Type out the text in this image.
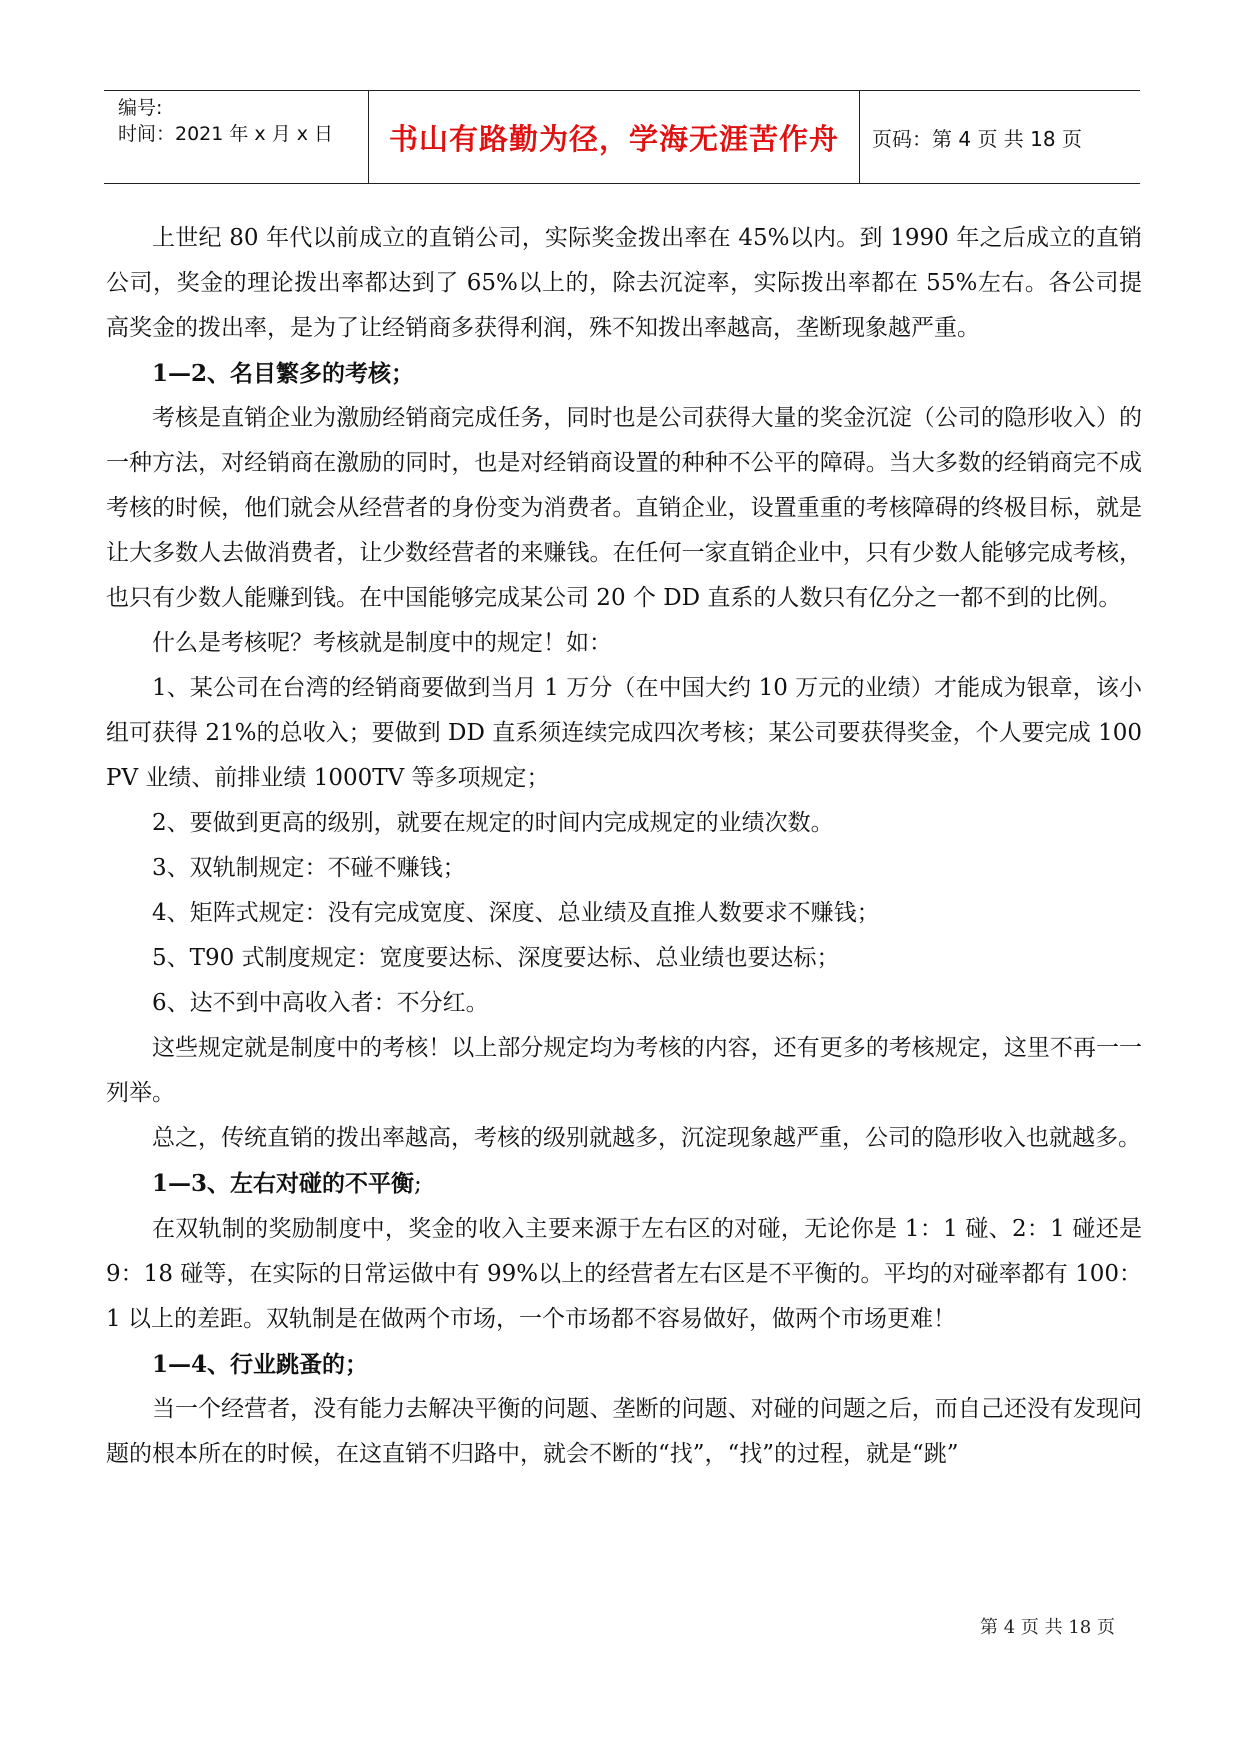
编号:
时间：2021 年 x 月 x 日 书山有路勤为径，学海无涯苦作舟	页码：第 4 页 共 18 页

上世纪 80 年代以前成立的直销公司，实际奖金拨出率在 45%以内。到 1990 年之后成立的直销公司，奖金的理论拨出率都达到了 65%以上的，除去沉淀率，实际拨出率都在 55%左右。各公司提高奖金的拨出率，是为了让经销商多获得利润，殊不知拨出率越高，垄断现象越严重。

1—2、名目繁多的考核；

考核是直销企业为激励经销商完成任务，同时也是公司获得大量的奖金沉淀（公司的隐形收入）的一种方法，对经销商在激励的同时，也是对经销商设置的种种不公平的障碍。当大多数的经销商完不成考核的时候，他们就会从经营者的身份变为消费者。直销企业，设置重重的考核障碍的终极目标，就是让大多数人去做消费者，让少数经营者的来赚钱。在任何一家直销企业中，只有少数人能够完成考核，也只有少数人能赚到钱。在中国能够完成某公司 20 个 DD 直系的人数只有亿分之一都不到的比例。

什么是考核呢？考核就是制度中的规定！如：

1、某公司在台湾的经销商要做到当月 1 万分（在中国大约 10 万元的业绩）才能成为银章，该小组可获得 21%的总收入；要做到 DD 直系须连续完成四次考核；某公司要获得奖金，个人要完成 100 PV 业绩、前排业绩 1000TV 等多项规定；

2、要做到更高的级别，就要在规定的时间内完成规定的业绩次数。

3、双轨制规定：不碰不赚钱；

4、矩阵式规定：没有完成宽度、深度、总业绩及直推人数要求不赚钱；

5、T90 式制度规定：宽度要达标、深度要达标、总业绩也要达标；

6、达不到中高收入者：不分红。

这些规定就是制度中的考核！以上部分规定均为考核的内容，还有更多的考核规定，这里不再一一列举。

总之，传统直销的拨出率越高，考核的级别就越多，沉淀现象越严重，公司的隐形收入也就越多。

1—3、左右对碰的不平衡;

在双轨制的奖励制度中，奖金的收入主要来源于左右区的对碰，无论你是 1：1 碰、2：1 碰还是 9：18 碰等，在实际的日常运做中有 99%以上的经营者左右区是不平衡的。平均的对碰率都有 100：1 以上的差距。双轨制是在做两个市场，一个市场都不容易做好，做两个市场更难！

1—4、行业跳蚤的；

当一个经营者，没有能力去解决平衡的问题、垄断的问题、对碰的问题之后，而自己还没有发现问题的根本所在的时候，在这直销不归路中，就会不断的“找”，“找”的过程，就是“跳”

第 4 页 共 18 页
